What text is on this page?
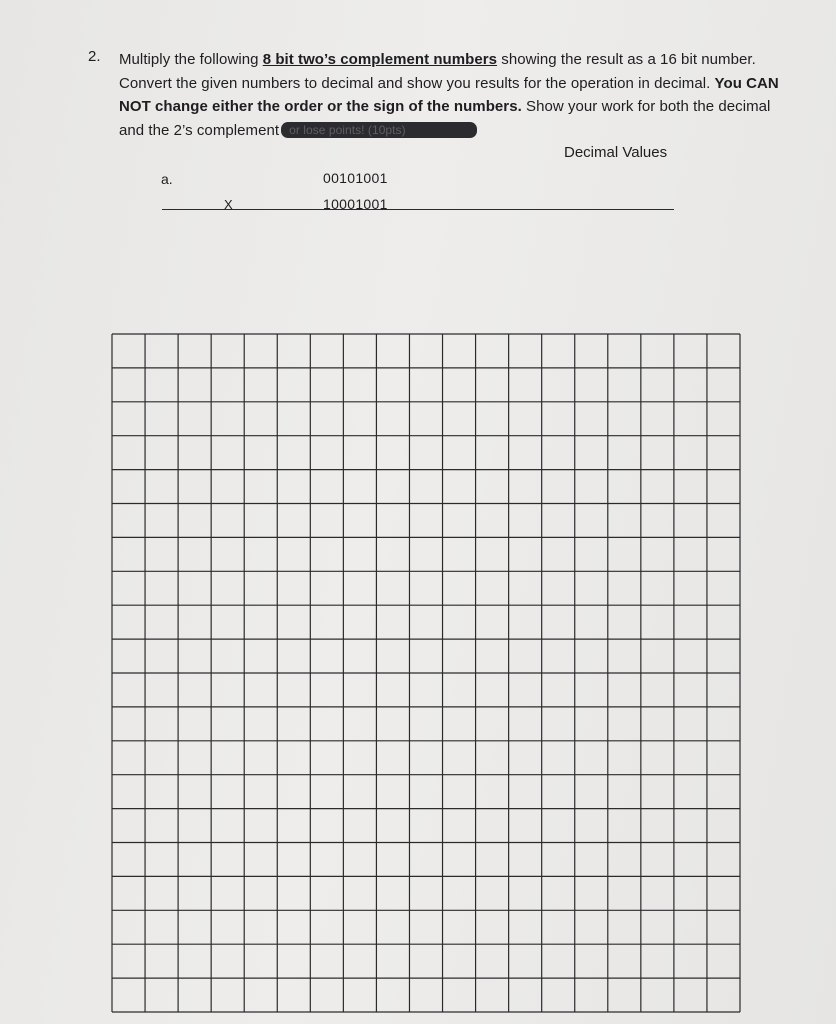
2. Multiply the following 8 bit two’s complement numbers showing the result as a 16 bit number. Convert the given numbers to decimal and show you results for the operation in decimal. You CAN NOT change either the order or the sign of the numbers. Show your work for both the decimal and the 2’s complement or lose points! (10pts)
Decimal Values
a.	00101001
X	10001001
